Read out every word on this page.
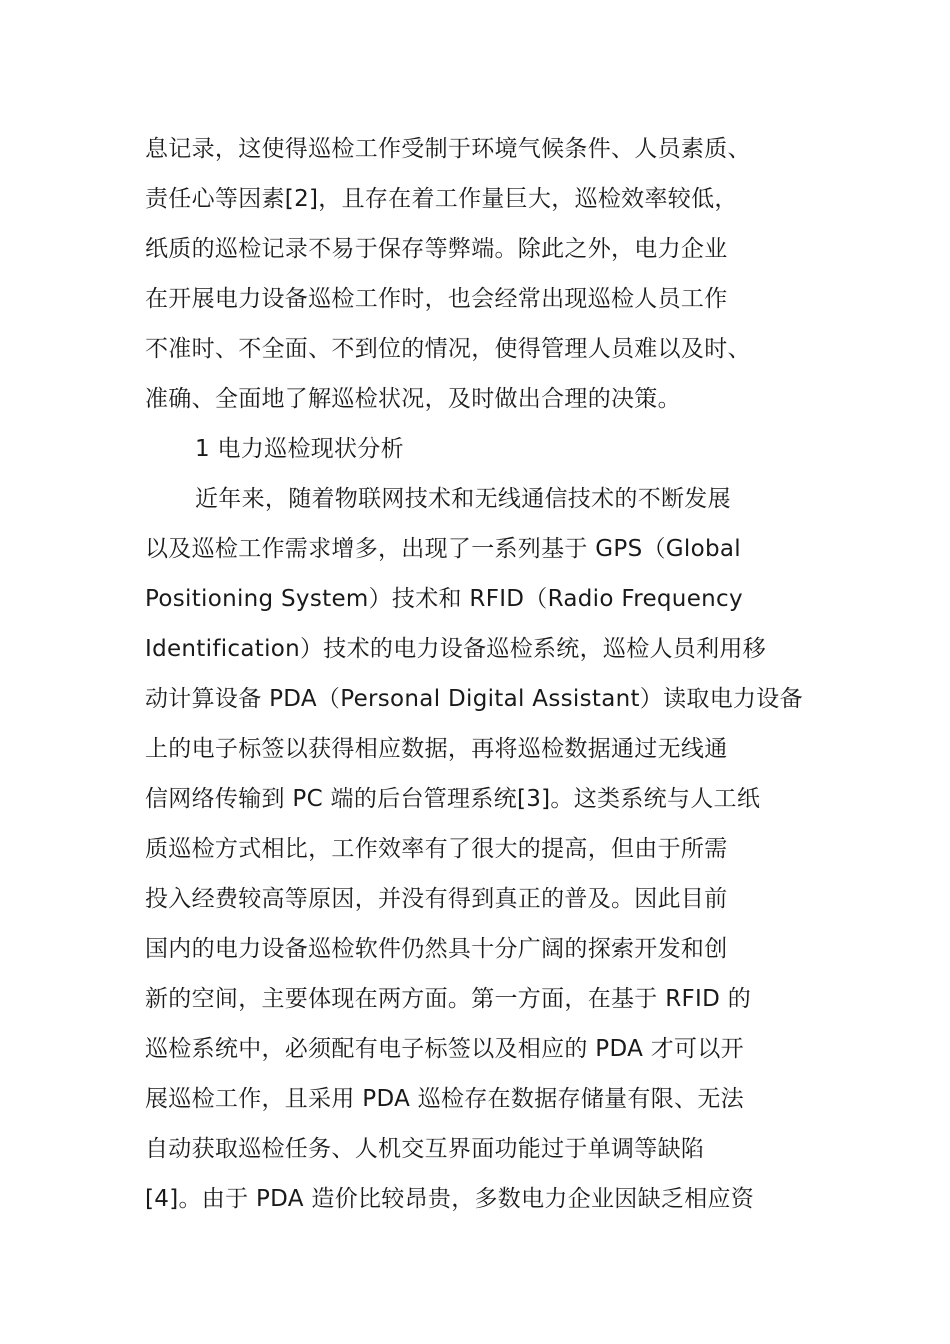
息记录，这使得巡检工作受制于环境气候条件、人员素质、
责任心等因素[2]，且存在着工作量巨大，巡检效率较低，
纸质的巡检记录不易于保存等弊端。除此之外，电力企业
在开展电力设备巡检工作时，也会经常出现巡检人员工作
不准时、不全面、不到位的情况，使得管理人员难以及时、
准确、全面地了解巡检状况，及时做出合理的决策。
1 电力巡检现状分析
近年来，随着物联网技术和无线通信技术的不断发展
以及巡检工作需求增多，出现了一系列基于 GPS（Global
Positioning System）技术和 RFID（Radio Frequency
Identification）技术的电力设备巡检系统，巡检人员利用移
动计算设备 PDA（Personal Digital Assistant）读取电力设备
上的电子标签以获得相应数据，再将巡检数据通过无线通
信网络传输到 PC 端的后台管理系统[3]。这类系统与人工纸
质巡检方式相比，工作效率有了很大的提高，但由于所需
投入经费较高等原因，并没有得到真正的普及。因此目前
国内的电力设备巡检软件仍然具十分广阔的探索开发和创
新的空间，主要体现在两方面。第一方面，在基于 RFID 的
巡检系统中，必须配有电子标签以及相应的 PDA 才可以开
展巡检工作，且采用 PDA 巡检存在数据存储量有限、无法
自动获取巡检任务、人机交互界面功能过于单调等缺陷
[4]。由于 PDA 造价比较昂贵，多数电力企业因缺乏相应资
